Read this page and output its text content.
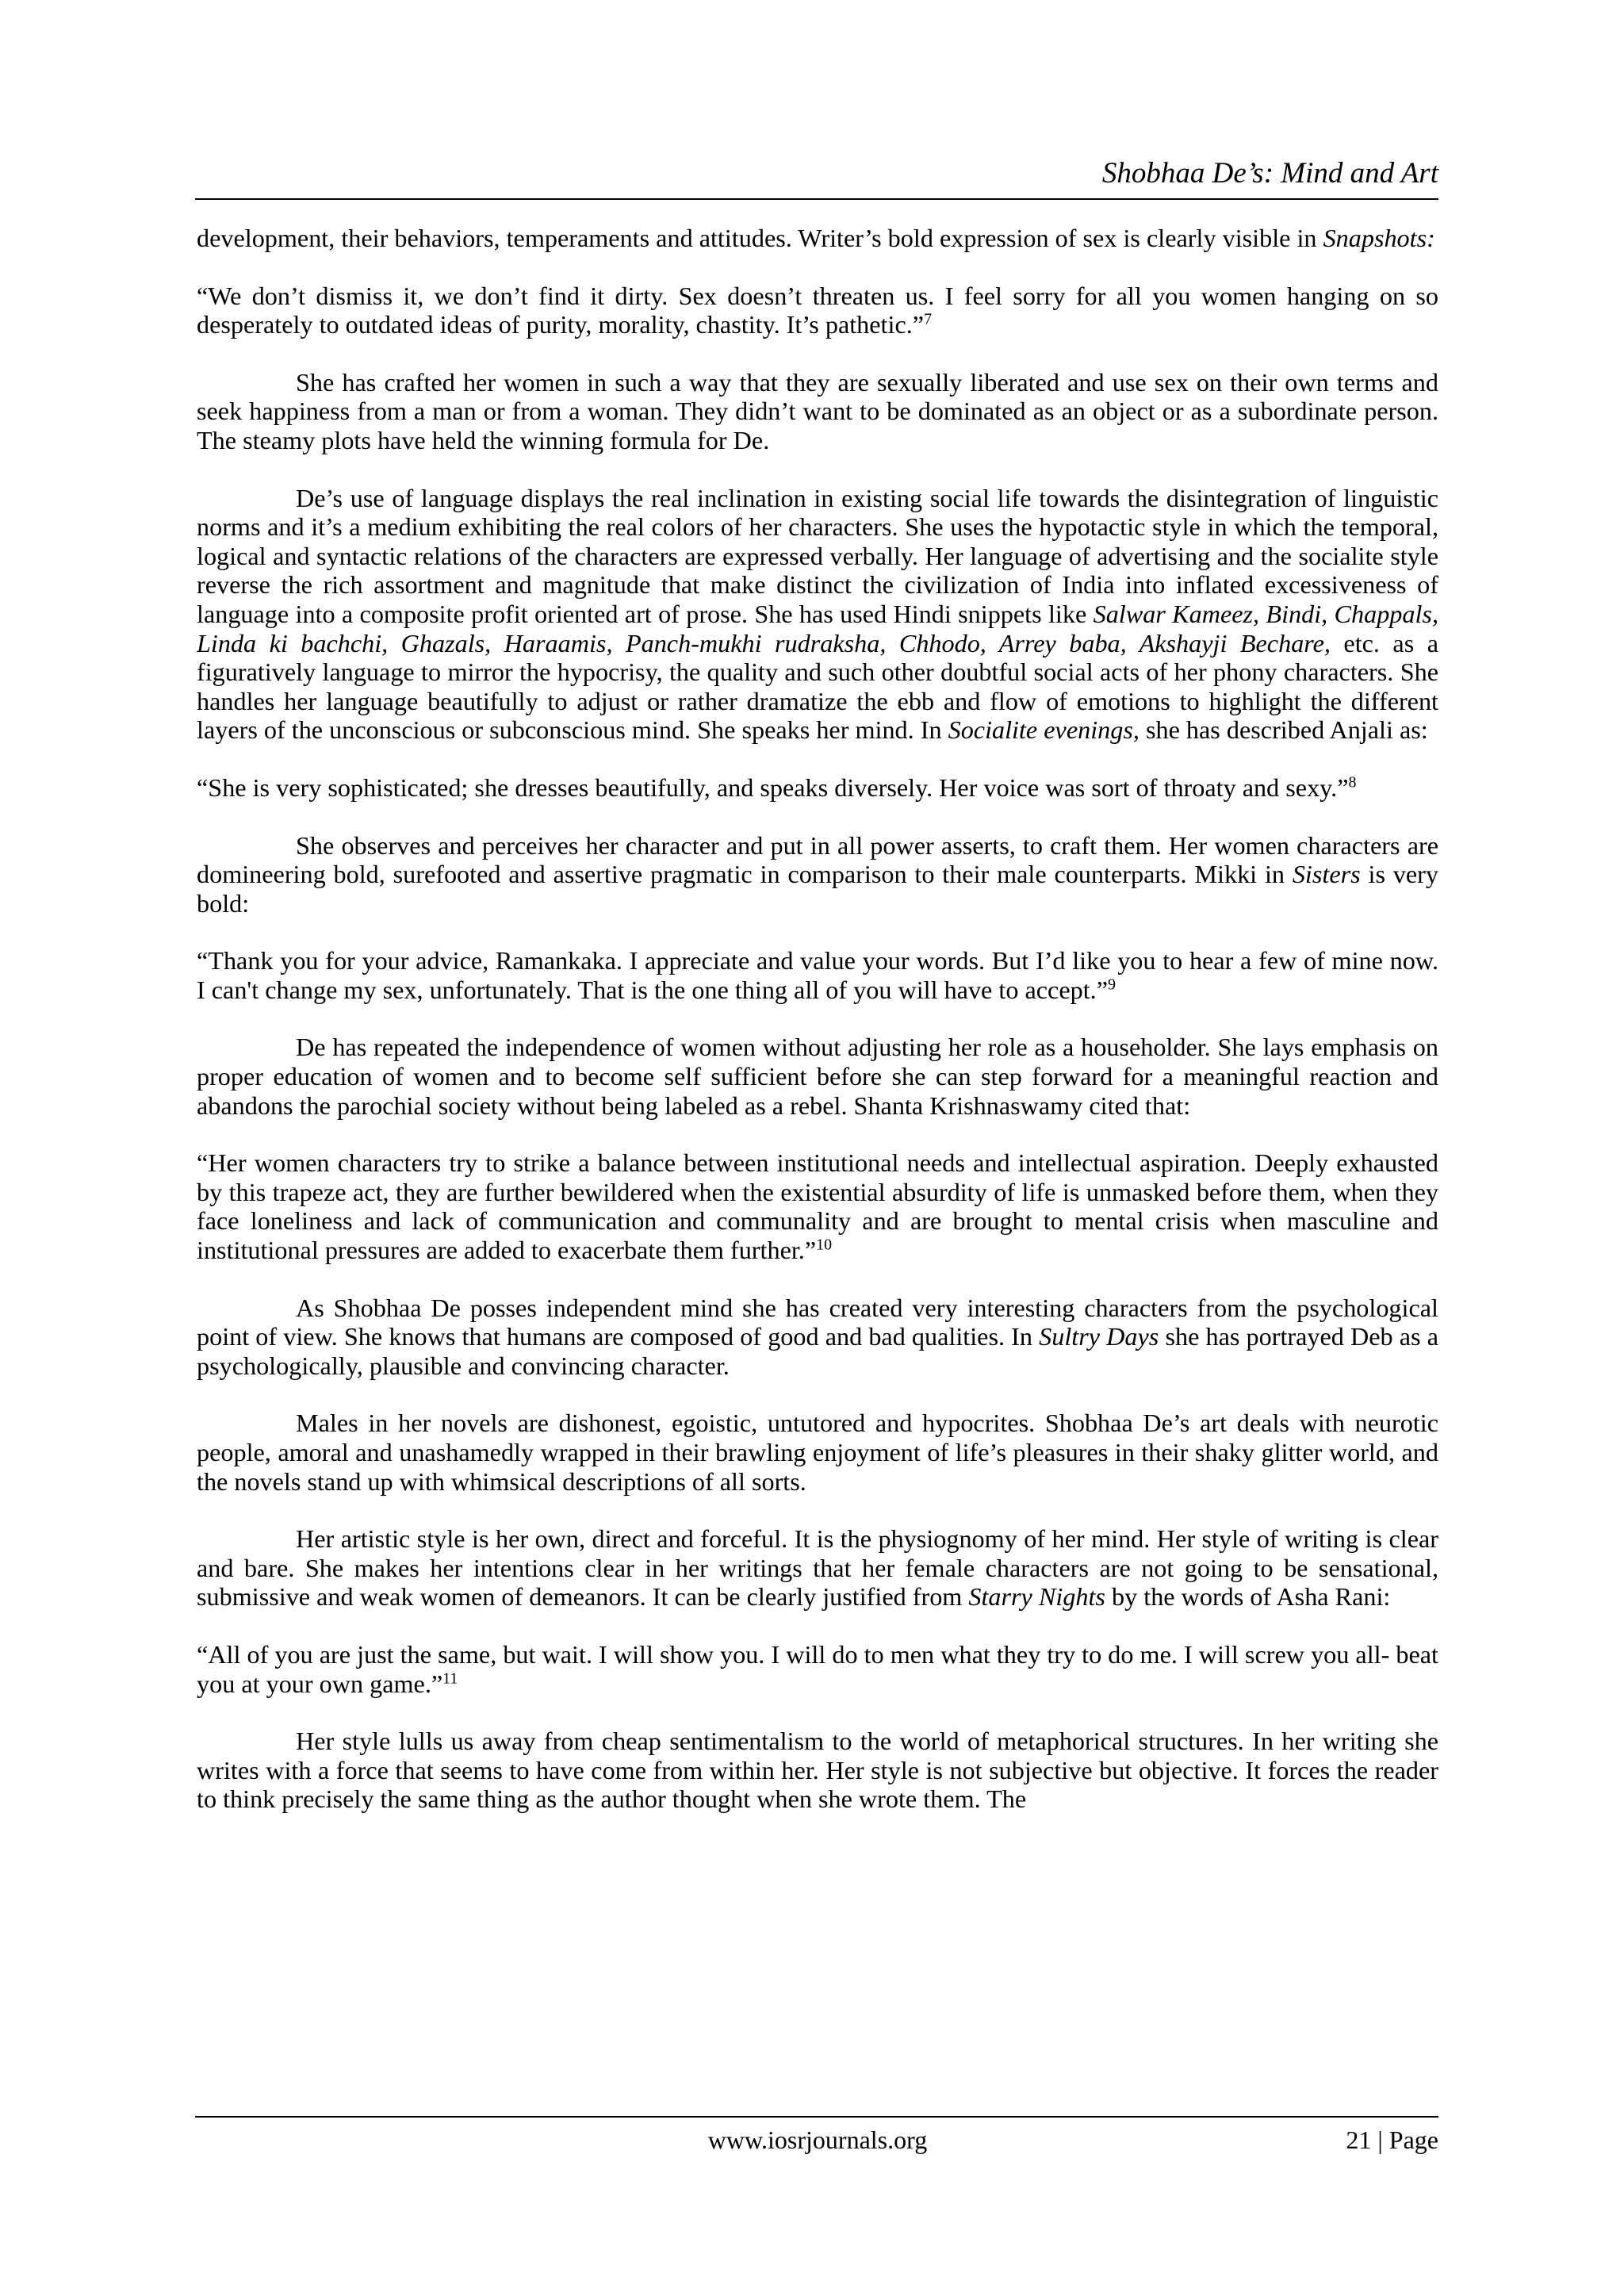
Shobhaa De’s: Mind and Art

development, their behaviors, temperaments and attitudes. Writer’s bold expression of sex is clearly visible in Snapshots:

“We don’t dismiss it, we don’t find it dirty. Sex doesn’t threaten us. I feel sorry for all you women hanging on so desperately to outdated ideas of purity, morality, chastity. It’s pathetic.”$^7$

She has crafted her women in such a way that they are sexually liberated and use sex on their own terms and seek happiness from a man or from a woman. They didn’t want to be dominated as an object or as a subordinate person. The steamy plots have held the winning formula for De.

De’s use of language displays the real inclination in existing social life towards the disintegration of linguistic norms and it’s a medium exhibiting the real colors of her characters. She uses the hypotactic style in which the temporal, logical and syntactic relations of the characters are expressed verbally. Her language of advertising and the socialite style reverse the rich assortment and magnitude that make distinct the civilization of India into inflated excessiveness of language into a composite profit oriented art of prose. She has used Hindi snippets like Salwar Kameez, Bindi, Chappals, Linda ki bachchi, Ghazals, Haraamis, Panch-mukhi rudraksha, Chhodo, Arrey baba, Akshayji Bechare, etc. as a figuratively language to mirror the hypocrisy, the quality and such other doubtful social acts of her phony characters. She handles her language beautifully to adjust or rather dramatize the ebb and flow of emotions to highlight the different layers of the unconscious or subconscious mind. She speaks her mind. In Socialite evenings, she has described Anjali as:

“She is very sophisticated; she dresses beautifully, and speaks diversely. Her voice was sort of throaty and sexy.”$^8$

She observes and perceives her character and put in all power asserts, to craft them. Her women characters are domineering bold, surefooted and assertive pragmatic in comparison to their male counterparts. Mikki in Sisters is very bold:

“Thank you for your advice, Ramankaka. I appreciate and value your words. But I’d like you to hear a few of mine now. I can't change my sex, unfortunately. That is the one thing all of you will have to accept.”$^9$

De has repeated the independence of women without adjusting her role as a householder. She lays emphasis on proper education of women and to become self sufficient before she can step forward for a meaningful reaction and abandons the parochial society without being labeled as a rebel. Shanta Krishnaswamy cited that:

“Her women characters try to strike a balance between institutional needs and intellectual aspiration. Deeply exhausted by this trapeze act, they are further bewildered when the existential absurdity of life is unmasked before them, when they face loneliness and lack of communication and communality and are brought to mental crisis when masculine and institutional pressures are added to exacerbate them further.”$^{10}$

As Shobhaa De posses independent mind she has created very interesting characters from the psychological point of view. She knows that humans are composed of good and bad qualities. In Sultry Days she has portrayed Deb as a psychologically, plausible and convincing character.

Males in her novels are dishonest, egoistic, untutored and hypocrites. Shobhaa De’s art deals with neurotic people, amoral and unashamedly wrapped in their brawling enjoyment of life’s pleasures in their shaky glitter world, and the novels stand up with whimsical descriptions of all sorts.

Her artistic style is her own, direct and forceful. It is the physiognomy of her mind. Her style of writing is clear and bare. She makes her intentions clear in her writings that her female characters are not going to be sensational, submissive and weak women of demeanors. It can be clearly justified from Starry Nights by the words of Asha Rani:

“All of you are just the same, but wait. I will show you. I will do to men what they try to do me. I will screw you all- beat you at your own game.”$^{11}$

Her style lulls us away from cheap sentimentalism to the world of metaphorical structures. In her writing she writes with a force that seems to have come from within her. Her style is not subjective but objective. It forces the reader to think precisely the same thing as the author thought when she wrote them. The

www.iosrjournals.org	21 | Page
